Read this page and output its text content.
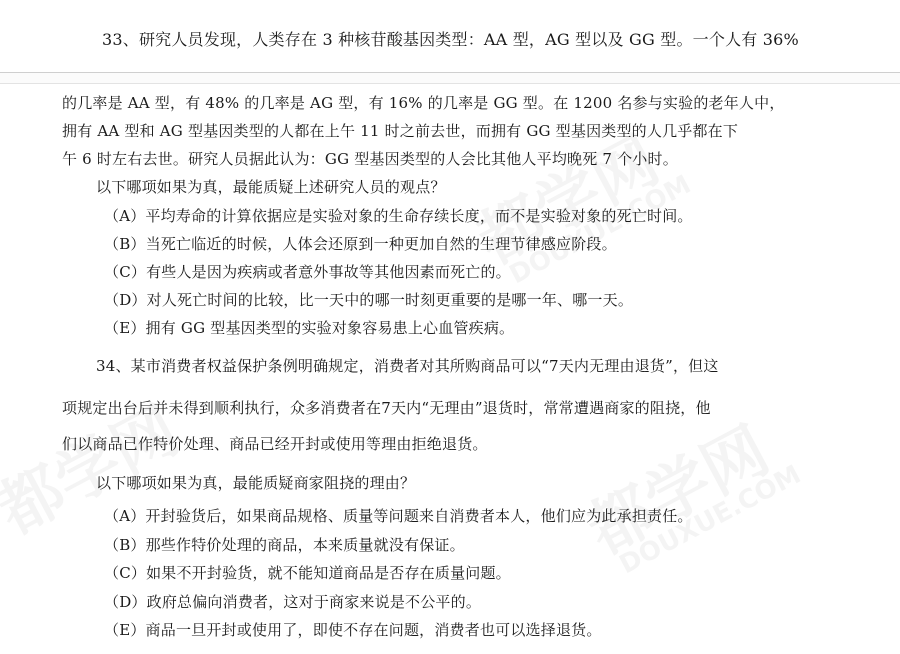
33、研究人员发现，人类存在 3 种核苷酸基因类型：AA 型，AG 型以及 GG 型。一个人有 36%
的几率是 AA 型，有 48% 的几率是 AG 型，有 16% 的几率是 GG 型。在 1200 名参与实验的老年人中，
拥有 AA 型和 AG 型基因类型的人都在上午 11 时之前去世，而拥有 GG 型基因类型的人几乎都在下
午 6 时左右去世。研究人员据此认为：GG 型基因类型的人会比其他人平均晚死 7 个小时。
以下哪项如果为真，最能质疑上述研究人员的观点？
（A）平均寿命的计算依据应是实验对象的生命存续长度，而不是实验对象的死亡时间。
（B）当死亡临近的时候，人体会还原到一种更加自然的生理节律感应阶段。
（C）有些人是因为疾病或者意外事故等其他因素而死亡的。
（D）对人死亡时间的比较，比一天中的哪一时刻更重要的是哪一年、哪一天。
（E）拥有 GG 型基因类型的实验对象容易患上心血管疾病。
34、某市消费者权益保护条例明确规定，消费者对其所购商品可以“7天内无理由退货”，但这
项规定出台后并未得到顺利执行，众多消费者在7天内“无理由”退货时，常常遭遇商家的阻挠，他
们以商品已作特价处理、商品已经开封或使用等理由拒绝退货。
以下哪项如果为真，最能质疑商家阻挠的理由？
（A）开封验货后，如果商品规格、质量等问题来自消费者本人，他们应为此承担责任。
（B）那些作特价处理的商品，本来质量就没有保证。
（C）如果不开封验货，就不能知道商品是否存在质量问题。
（D）政府总偏向消费者，这对于商家来说是不公平的。
（E）商品一旦开封或使用了，即使不存在问题，消费者也可以选择退货。
